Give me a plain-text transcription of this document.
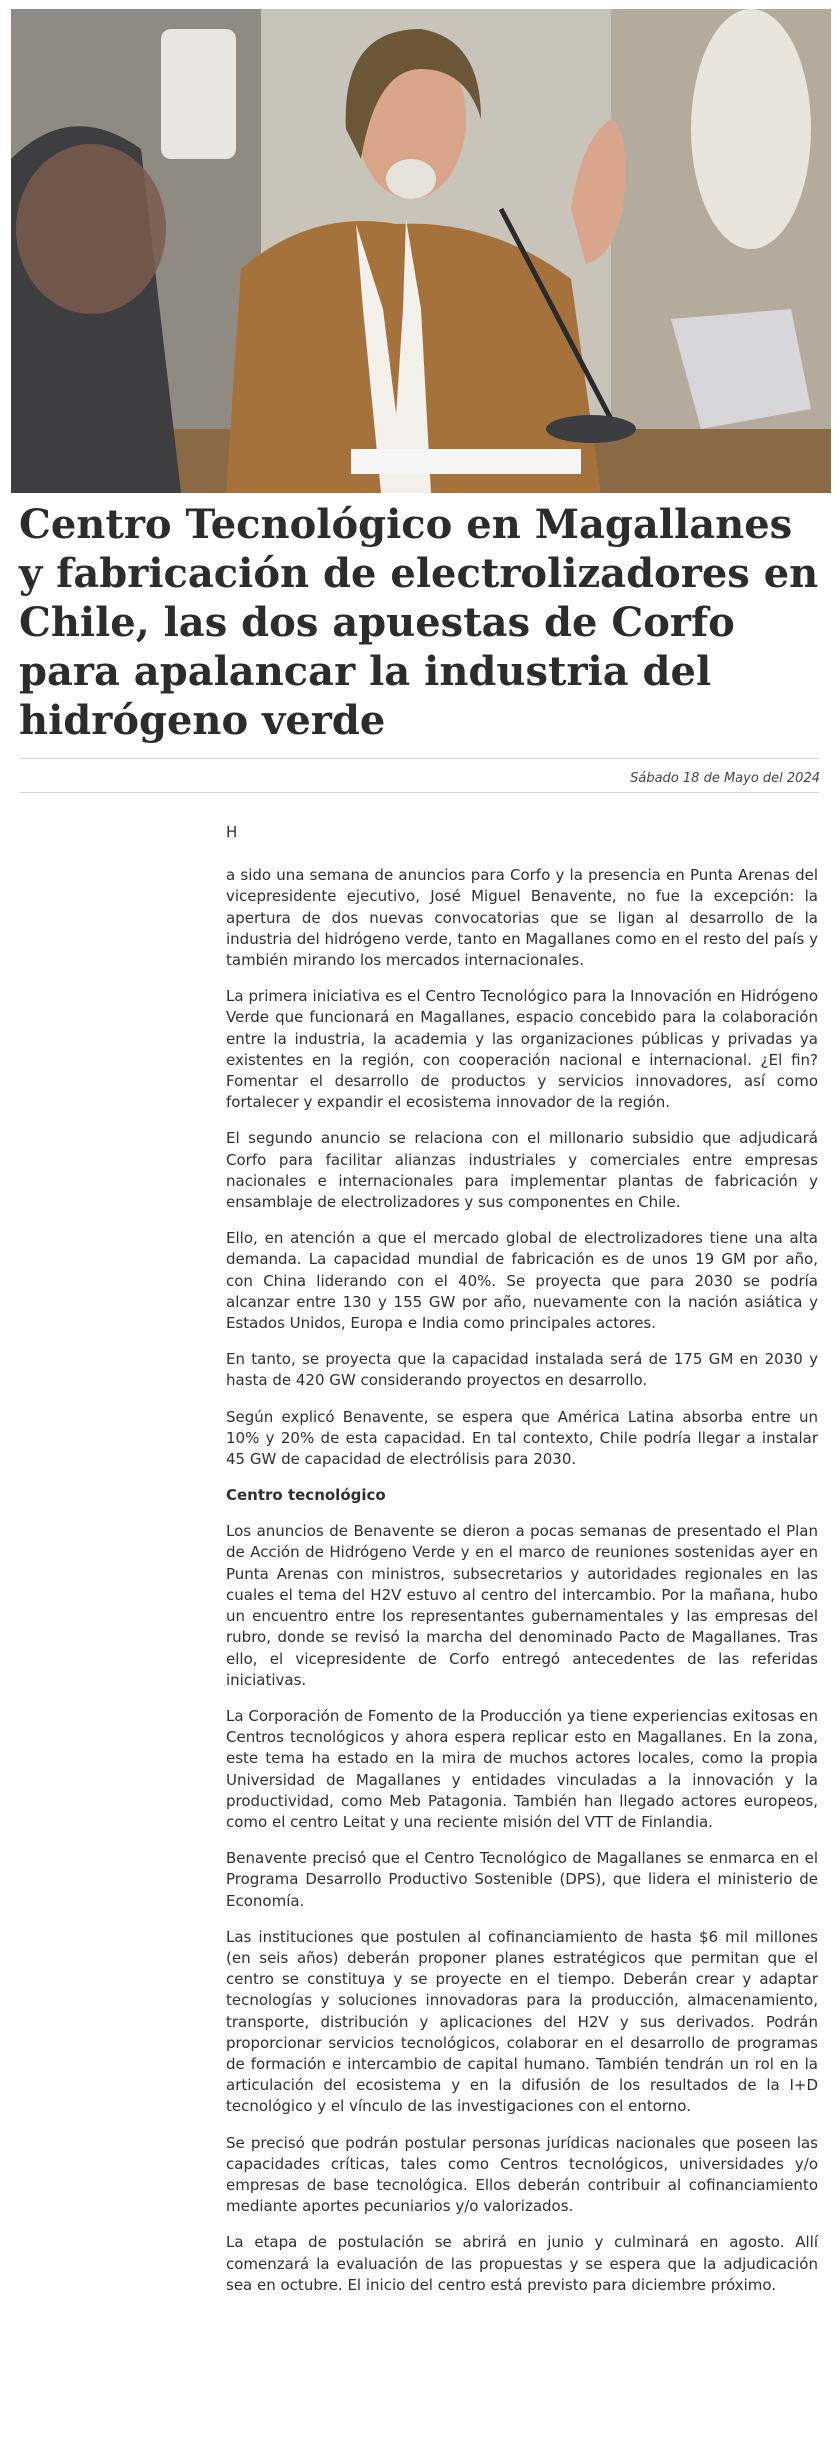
Centro Tecnológico en Magallanes y fabricación de electrolizadores en Chile, las dos apuestas de Corfo para apalancar la industria del hidrógeno verde
Sábado 18 de Mayo del 2024

H

a sido una semana de anuncios para Corfo y la presencia en Punta Arenas del vicepresidente ejecutivo, José Miguel Benavente, no fue la excepción: la apertura de dos nuevas convocatorias que se ligan al desarrollo de la industria del hidrógeno verde, tanto en Magallanes como en el resto del país y también mirando los mercados internacionales.

La primera iniciativa es el Centro Tecnológico para la Innovación en Hidrógeno Verde que funcionará en Magallanes, espacio concebido para la colaboración entre la industria, la academia y las organizaciones públicas y privadas ya existentes en la región, con cooperación nacional e internacional. ¿El fin? Fomentar el desarrollo de productos y servicios innovadores, así como fortalecer y expandir el ecosistema innovador de la región.

El segundo anuncio se relaciona con el millonario subsidio que adjudicará Corfo para facilitar alianzas industriales y comerciales entre empresas nacionales e internacionales para implementar plantas de fabricación y ensamblaje de electrolizadores y sus componentes en Chile.

Ello, en atención a que el mercado global de electrolizadores tiene una alta demanda. La capacidad mundial de fabricación es de unos 19 GM por año, con China liderando con el 40%. Se proyecta que para 2030 se podría alcanzar entre 130 y 155 GW por año, nuevamente con la nación asiática y Estados Unidos, Europa e India como principales actores.

En tanto, se proyecta que la capacidad instalada será de 175 GM en 2030 y hasta de 420 GW considerando proyectos en desarrollo.

Según explicó Benavente, se espera que América Latina absorba entre un 10% y 20% de esta capacidad. En tal contexto, Chile podría llegar a instalar 45 GW de capacidad de electrólisis para 2030.

Centro tecnológico

Los anuncios de Benavente se dieron a pocas semanas de presentado el Plan de Acción de Hidrógeno Verde y en el marco de reuniones sostenidas ayer en Punta Arenas con ministros, subsecretarios y autoridades regionales en las cuales el tema del H2V estuvo al centro del intercambio. Por la mañana, hubo un encuentro entre los representantes gubernamentales y las empresas del rubro, donde se revisó la marcha del denominado Pacto de Magallanes. Tras ello, el vicepresidente de Corfo entregó antecedentes de las referidas iniciativas.

La Corporación de Fomento de la Producción ya tiene experiencias exitosas en Centros tecnológicos y ahora espera replicar esto en Magallanes. En la zona, este tema ha estado en la mira de muchos actores locales, como la propia Universidad de Magallanes y entidades vinculadas a la innovación y la productividad, como Meb Patagonia. También han llegado actores europeos, como el centro Leitat y una reciente misión del VTT de Finlandia.

Benavente precisó que el Centro Tecnológico de Magallanes se enmarca en el Programa Desarrollo Productivo Sostenible (DPS), que lidera el ministerio de Economía.

Las instituciones que postulen al cofinanciamiento de hasta $6 mil millones (en seis años) deberán proponer planes estratégicos que permitan que el centro se constituya y se proyecte en el tiempo. Deberán crear y adaptar tecnologías y soluciones innovadoras para la producción, almacenamiento, transporte, distribución y aplicaciones del H2V y sus derivados. Podrán proporcionar servicios tecnológicos, colaborar en el desarrollo de programas de formación e intercambio de capital humano. También tendrán un rol en la articulación del ecosistema y en la difusión de los resultados de la I+D tecnológico y el vínculo de las investigaciones con el entorno.

Se precisó que podrán postular personas jurídicas nacionales que poseen las capacidades críticas, tales como Centros tecnológicos, universidades y/o empresas de base tecnológica. Ellos deberán contribuir al cofinanciamiento mediante aportes pecuniarios y/o valorizados.

La etapa de postulación se abrirá en junio y culminará en agosto. Allí comenzará la evaluación de las propuestas y se espera que la adjudicación sea en octubre. El inicio del centro está previsto para diciembre próximo.
